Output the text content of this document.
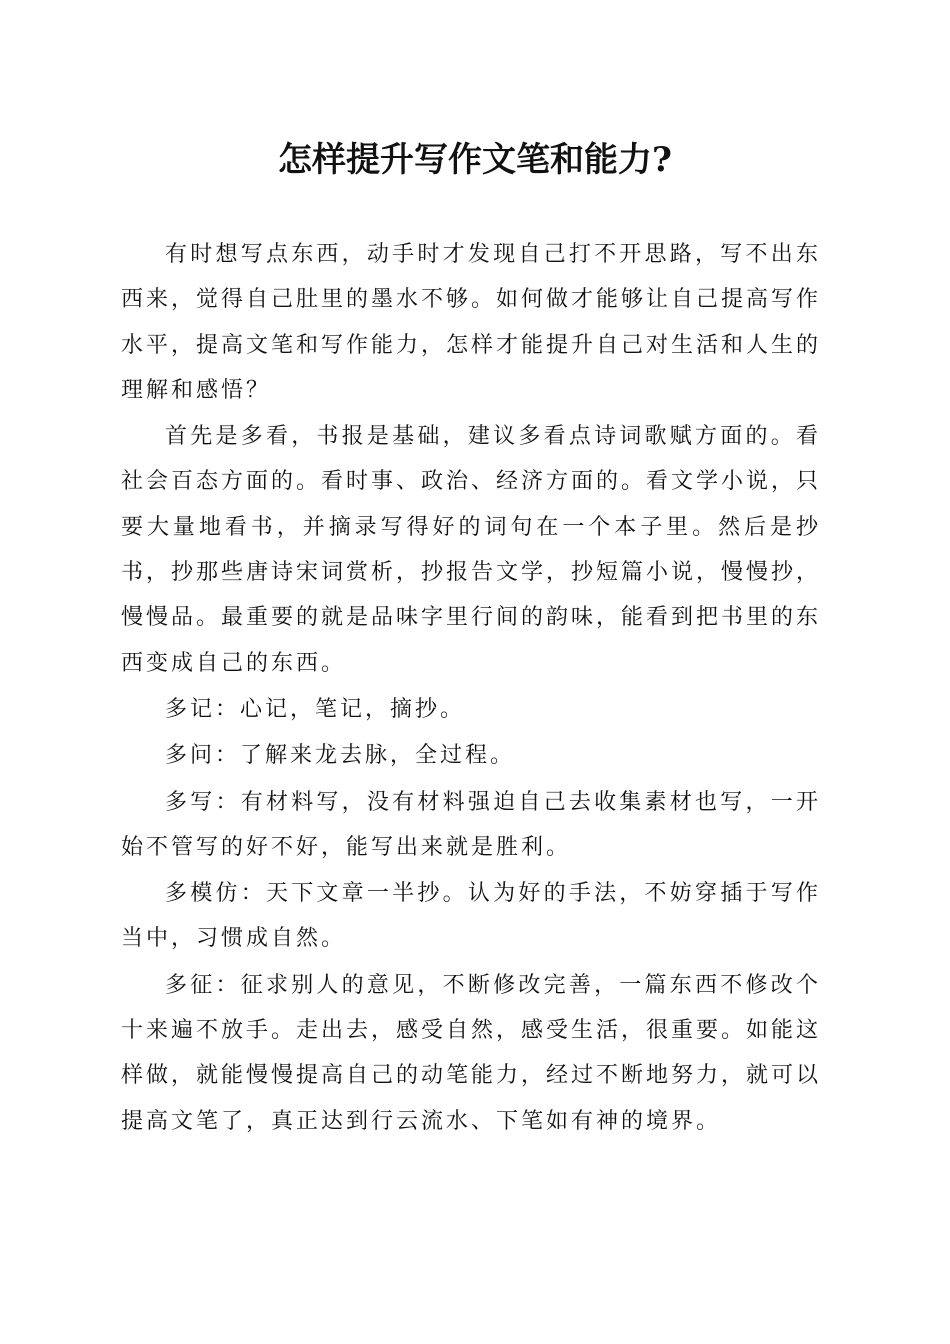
怎样提升写作文笔和能力?

有时想写点东西，动手时才发现自己打不开思路，写不出东西来，觉得自己肚里的墨水不够。如何做才能够让自己提高写作水平，提高文笔和写作能力，怎样才能提升自己对生活和人生的理解和感悟？

首先是多看，书报是基础，建议多看点诗词歌赋方面的。看社会百态方面的。看时事、政治、经济方面的。看文学小说，只要大量地看书，并摘录写得好的词句在一个本子里。然后是抄书，抄那些唐诗宋词赏析，抄报告文学，抄短篇小说，慢慢抄，慢慢品。最重要的就是品味字里行间的韵味，能看到把书里的东西变成自己的东西。

多记：心记，笔记，摘抄。

多问：了解来龙去脉，全过程。

多写：有材料写，没有材料强迫自己去收集素材也写，一开始不管写的好不好，能写出来就是胜利。

多模仿：天下文章一半抄。认为好的手法，不妨穿插于写作当中，习惯成自然。

多征：征求别人的意见，不断修改完善，一篇东西不修改个十来遍不放手。走出去，感受自然，感受生活，很重要。如能这样做，就能慢慢提高自己的动笔能力，经过不断地努力，就可以提高文笔了，真正达到行云流水、下笔如有神的境界。
